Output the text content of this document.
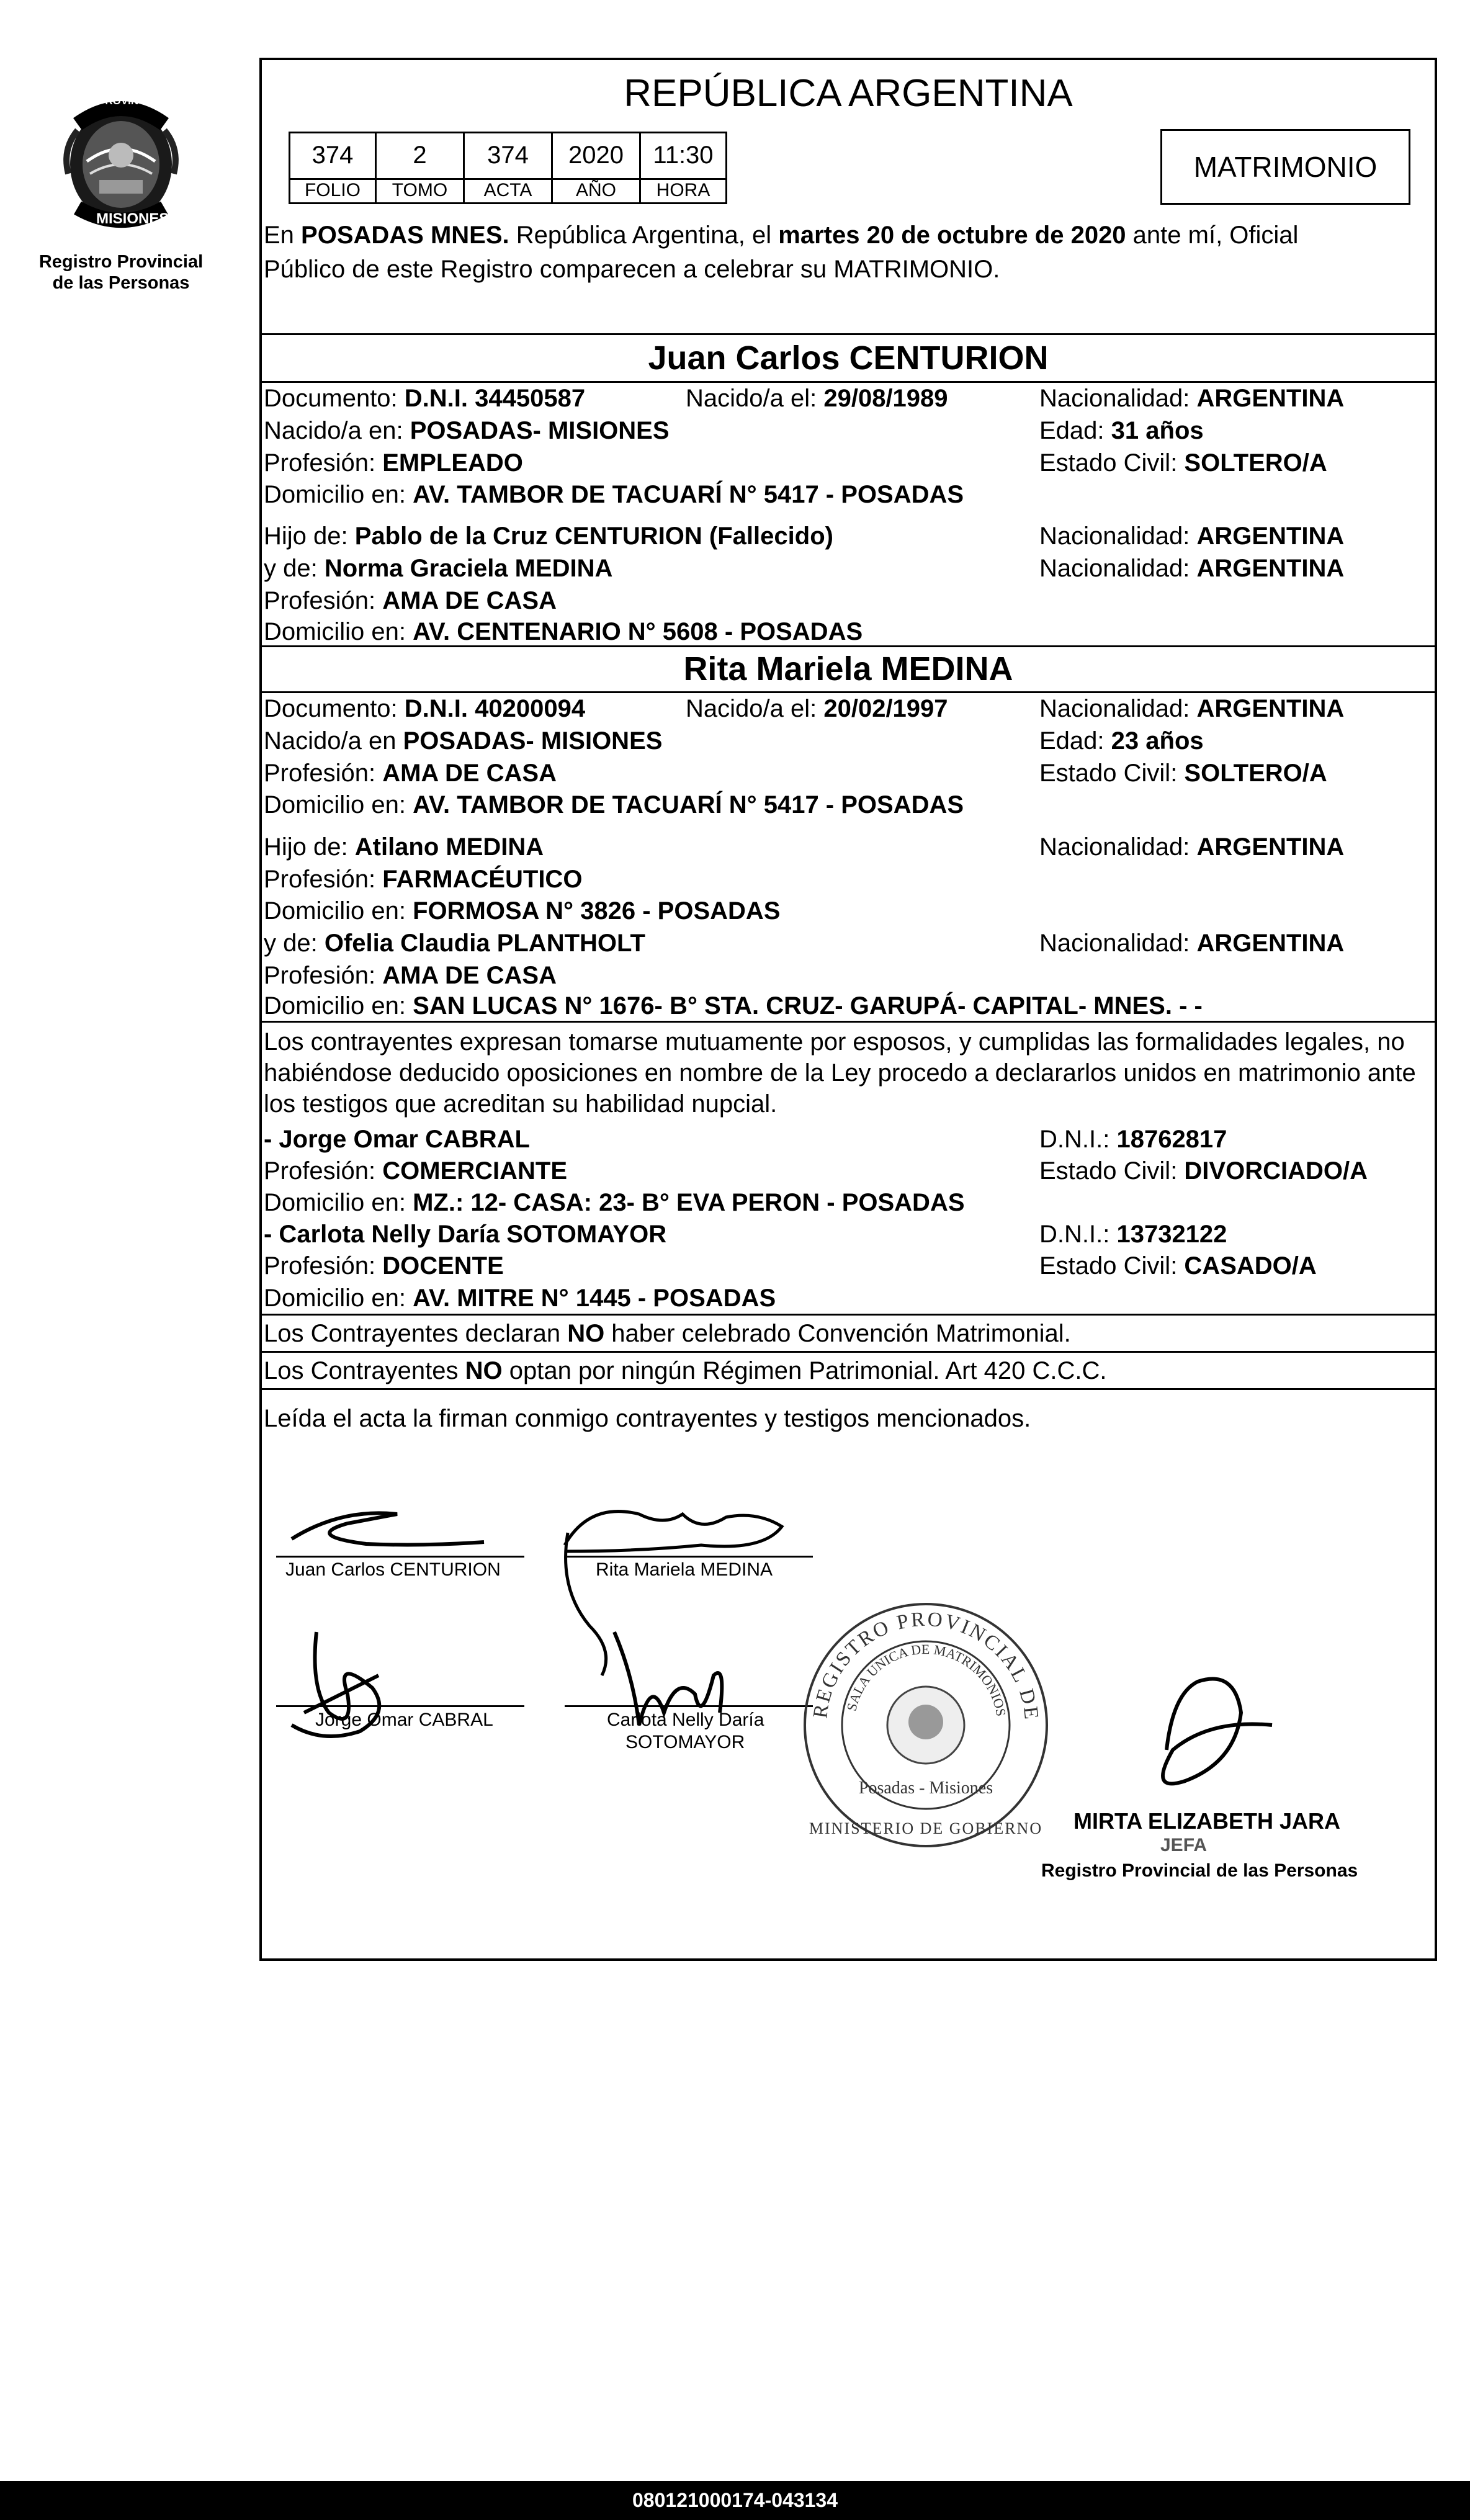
PROVINCIA DE
MISIONES
Registro Provincial
de las Personas
REPÚBLICA ARGENTINA
374	2	374	2020	11:30
FOLIO	TOMO	ACTA	AÑO	HORA
MATRIMONIO
En POSADAS MNES. República Argentina, el martes 20 de octubre de 2020 ante mí, Oficial
Público de este Registro comparecen a celebrar su MATRIMONIO.
Juan Carlos CENTURION
Documento: D.N.I. 34450587	Nacido/a el: 29/08/1989	Nacionalidad: ARGENTINA
Nacido/a en: POSADAS- MISIONES	Edad: 31 años
Profesión: EMPLEADO	Estado Civil: SOLTERO/A
Domicilio en: AV. TAMBOR DE TACUARÍ N° 5417 - POSADAS
Hijo de: Pablo de la Cruz CENTURION (Fallecido)	Nacionalidad: ARGENTINA
y de: Norma Graciela MEDINA	Nacionalidad: ARGENTINA
Profesión: AMA DE CASA
Domicilio en: AV. CENTENARIO N° 5608 - POSADAS
Rita Mariela MEDINA
Documento: D.N.I. 40200094	Nacido/a el: 20/02/1997	Nacionalidad: ARGENTINA
Nacido/a en POSADAS- MISIONES	Edad: 23 años
Profesión: AMA DE CASA	Estado Civil: SOLTERO/A
Domicilio en: AV. TAMBOR DE TACUARÍ N° 5417 - POSADAS
Hijo de: Atilano MEDINA	Nacionalidad: ARGENTINA
Profesión: FARMACÉUTICO
Domicilio en: FORMOSA N° 3826 - POSADAS
y de: Ofelia Claudia PLANTHOLT	Nacionalidad: ARGENTINA
Profesión: AMA DE CASA
Domicilio en: SAN LUCAS N° 1676- B° STA. CRUZ- GARUPÁ- CAPITAL- MNES. - -
Los contrayentes expresan tomarse mutuamente por esposos, y cumplidas las formalidades legales, no
habiéndose deducido oposiciones en nombre de la Ley procedo a declararlos unidos en matrimonio ante
los testigos que acreditan su habilidad nupcial.
- Jorge Omar CABRAL	D.N.I.: 18762817
Profesión: COMERCIANTE	Estado Civil: DIVORCIADO/A
Domicilio en: MZ.: 12- CASA: 23- B° EVA PERON - POSADAS
- Carlota Nelly Daría SOTOMAYOR	D.N.I.: 13732122
Profesión: DOCENTE	Estado Civil: CASADO/A
Domicilio en: AV. MITRE N° 1445 - POSADAS
Los Contrayentes declaran NO haber celebrado Convención Matrimonial.
Los Contrayentes NO optan por ningún Régimen Patrimonial. Art 420 C.C.C.
Leída el acta la firman conmigo contrayentes y testigos mencionados.
Juan Carlos CENTURION	Rita Mariela MEDINA
Jorge Omar CABRAL	Carlota Nelly Daría
SOTOMAYOR
REGISTRO PROVINCIAL DE
SALA UNICA DE MATRIMONIOS
Posadas - Misiones
MINISTERIO DE GOBIERNO MIRTA ELIZABETH JARA
JEFA
Registro Provincial de las Personas
080121000174-043134
